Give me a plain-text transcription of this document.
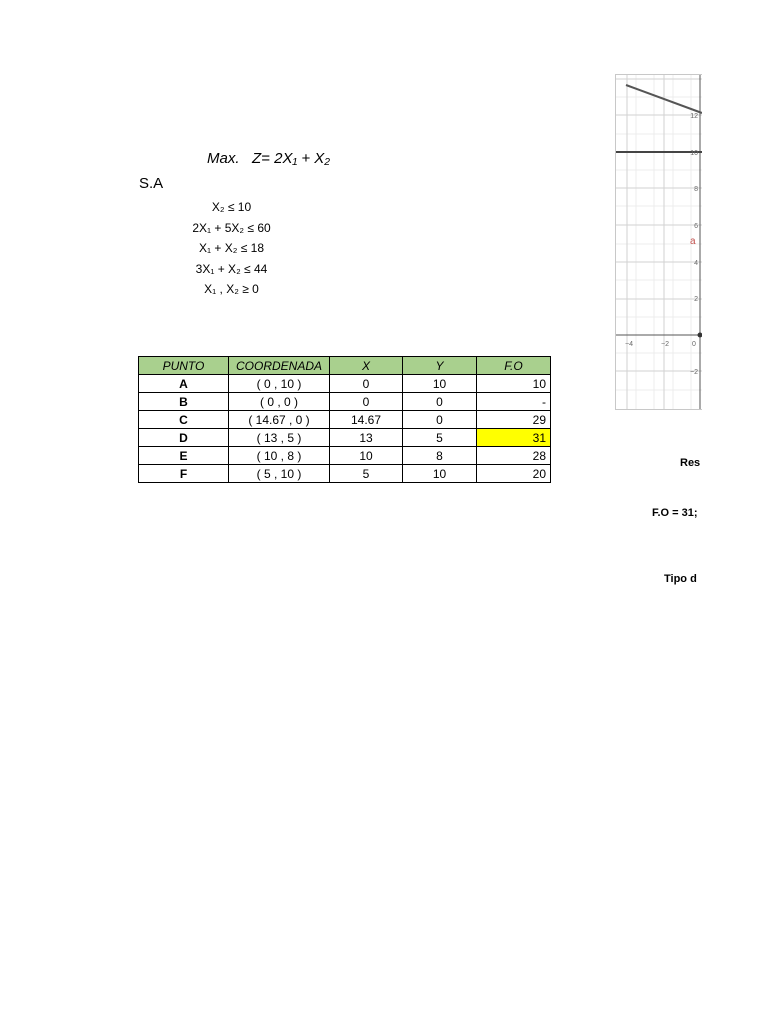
Max.   Z= 2X₁ + X₂
S.A
X₂ ≤ 10
2X₁ + 5X₂ ≤ 60
X₁ + X₂ ≤ 18
3X₁ + X₂ ≤ 44
X₁ , X₂ ≥ 0
PUNTO	COORDENADA	X	Y	F.O
A	( 0 , 10 )	0	10	10
B	( 0 , 0 )	0	0	-
C	( 14.67 , 0 )	14.67	0	29
D	( 13 , 5 )	13	5	31
E	( 10 , 8 )	10	8	28
F	( 5 , 10 )	5	10	20
12
10
8
6
4
2
−2
−4	−2	0
a
Res
F.O = 31;
Tipo d
